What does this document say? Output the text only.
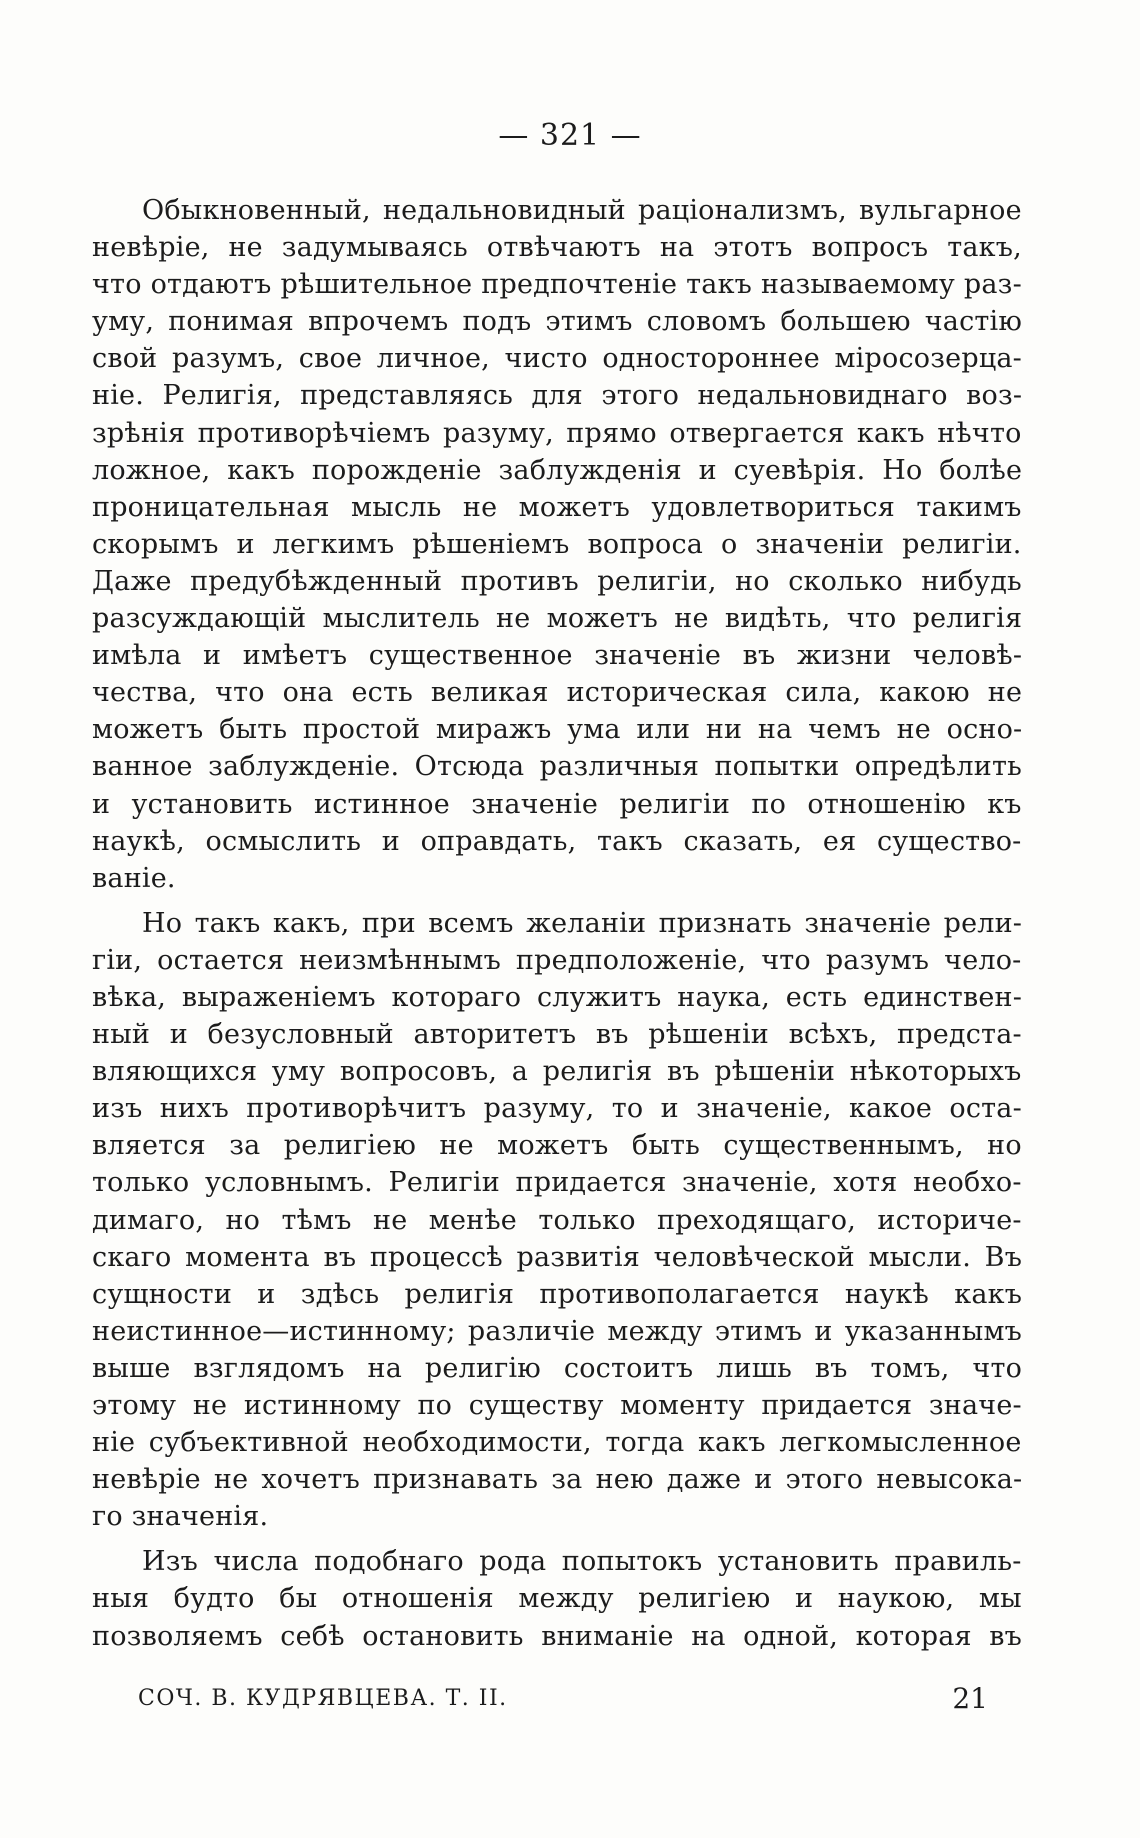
— 321 —
Обыкновенный, недальновидный раціонализмъ, вульгарное
невѣріе, не задумываясь отвѣчаютъ на этотъ вопросъ такъ,
что отдаютъ рѣшительное предпочтеніе такъ называемому раз-
уму, понимая впрочемъ подъ этимъ словомъ большею частію
свой разумъ, свое личное, чисто одностороннее міросозерца-
ніе. Религія, представляясь для этого недальновиднаго воз-
зрѣнія противорѣчіемъ разуму, прямо отвергается какъ нѣчто
ложное, какъ порожденіе заблужденія и суевѣрія. Но болѣе
проницательная мысль не можетъ удовлетвориться такимъ
скорымъ и легкимъ рѣшеніемъ вопроса о значеніи религіи.
Даже предубѣжденный противъ религіи, но сколько нибудь
разсуждающій мыслитель не можетъ не видѣть, что религія
имѣла и имѣетъ существенное значеніе въ жизни человѣ-
чества, что она есть великая историческая сила, какою не
можетъ быть простой миражъ ума или ни на чемъ не осно-
ванное заблужденіе. Отсюда различныя попытки опредѣлить
и установить истинное значеніе религіи по отношенію къ
наукѣ, осмыслить и оправдать, такъ сказать, ея существо-
ваніе.
Но такъ какъ, при всемъ желаніи признать значеніе рели-
гіи, остается неизмѣннымъ предположеніе, что разумъ чело-
вѣка, выраженіемъ котораго служитъ наука, есть единствен-
ный и безусловный авторитетъ въ рѣшеніи всѣхъ, предста-
вляющихся уму вопросовъ, а религія въ рѣшеніи нѣкоторыхъ
изъ нихъ противорѣчитъ разуму, то и значеніе, какое оста-
вляется за религіею не можетъ быть существеннымъ, но
только условнымъ. Религіи придается значеніе, хотя необхо-
димаго, но тѣмъ не менѣе только преходящаго, историче-
скаго момента въ процессѣ развитія человѣческой мысли. Въ
сущности и здѣсь религія противополагается наукѣ какъ
неистинное—истинному; различіе между этимъ и указаннымъ
выше взглядомъ на религію состоитъ лишь въ томъ, что
этому не истинному по существу моменту придается значе-
ніе субъективной необходимости, тогда какъ легкомысленное
невѣріе не хочетъ признавать за нею даже и этого невысока-
го значенія.
Изъ числа подобнаго рода попытокъ установить правиль-
ныя будто бы отношенія между религіею и наукою, мы
позволяемъ себѣ остановить вниманіе на одной, которая въ
СОЧ. В. КУДРЯВЦЕВА. Т. II.	21
